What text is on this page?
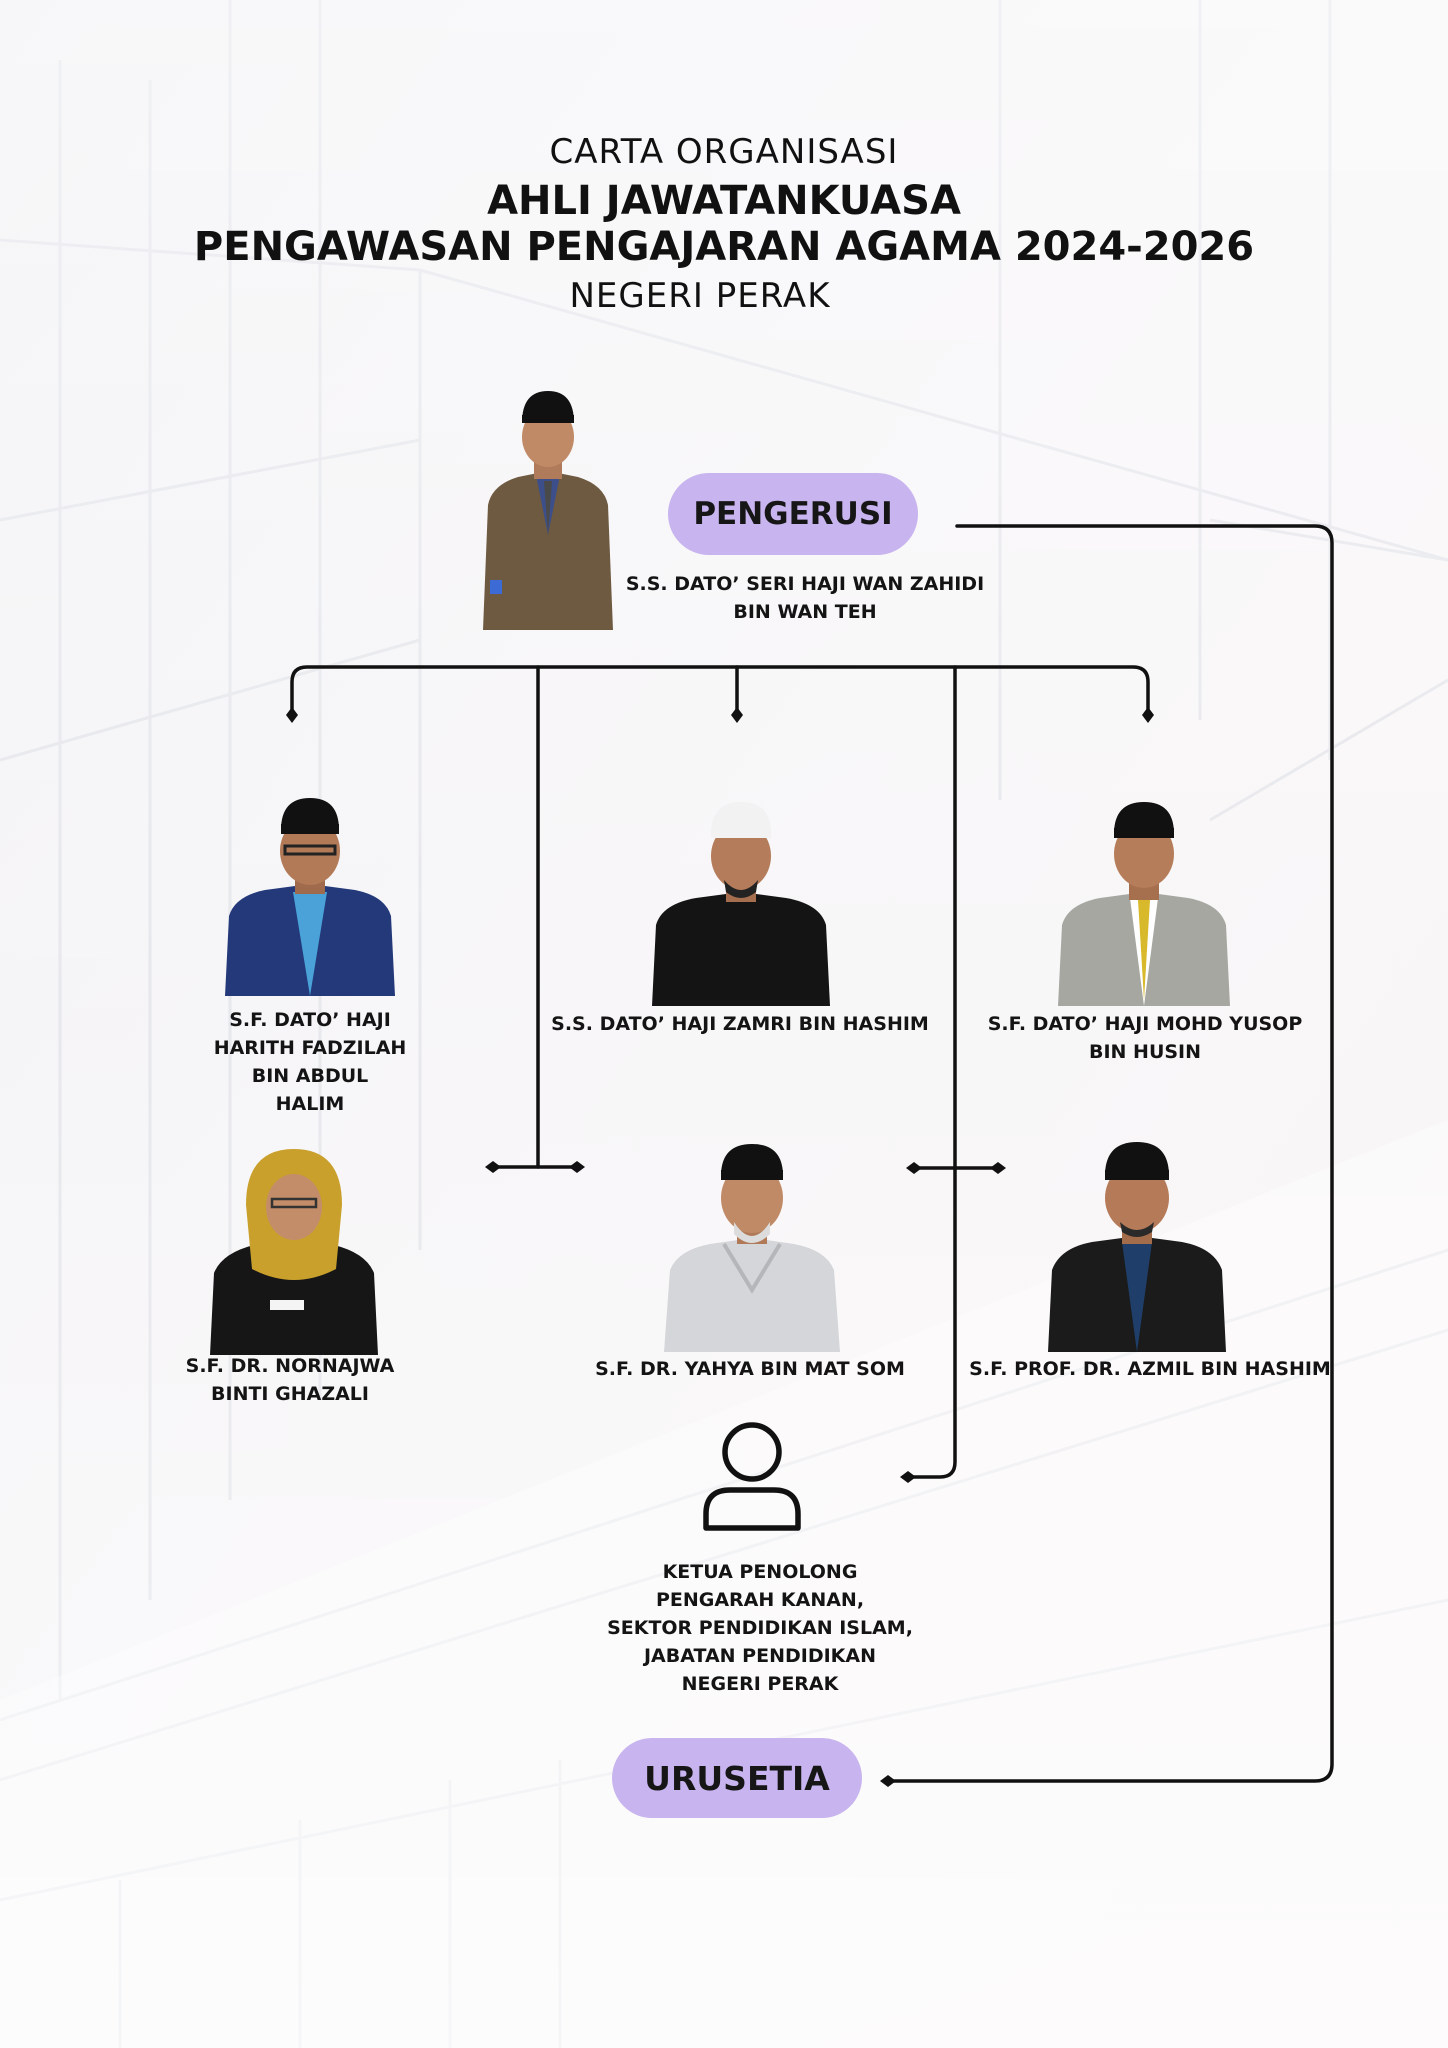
CARTA ORGANISASI
AHLI JAWATANKUASA
PENGAWASAN PENGAJARAN AGAMA 2024-2026
NEGERI PERAK
PENGERUSI
S.S. DATO’ SERI HAJI WAN ZAHIDI
BIN WAN TEH
S.F. DATO’ HAJI
HARITH FADZILAH
BIN ABDUL
HALIM
S.S. DATO’ HAJI ZAMRI BIN HASHIM	S.F. DATO’ HAJI MOHD YUSOP
BIN HUSIN
S.F. DR. NORNAJWA
BINTI GHAZALI
S.F. DR. YAHYA BIN MAT SOM	S.F. PROF. DR. AZMIL BIN HASHIM
KETUA PENOLONG
PENGARAH KANAN,
SEKTOR PENDIDIKAN ISLAM,
JABATAN PENDIDIKAN
NEGERI PERAK
URUSETIA
